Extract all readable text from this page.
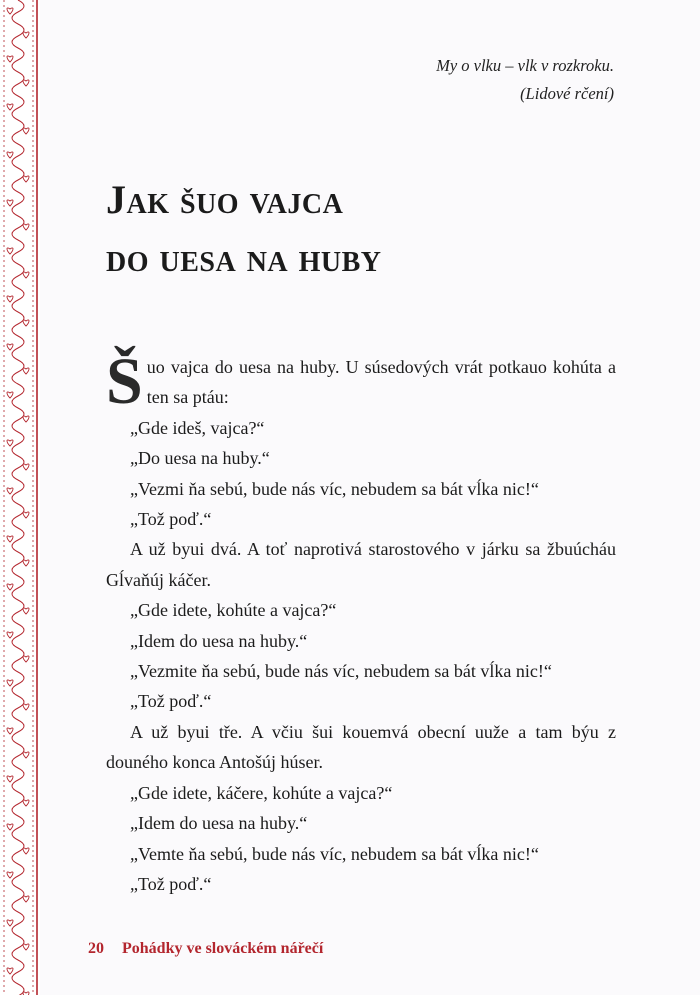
My o vlku – vlk v rozkroku.
(Lidové rčení)
Jak šuo vajca
do uesa na huby

Šuo vajca do uesa na huby. U súsedových vrát potkauo kohúta a ten sa ptáu:

„Gde ideš, vajca?“

„Do uesa na huby.“

„Vezmi ňa sebú, bude nás víc, nebudem sa bát vĺka nic!“

„Tož poď.“

A už byui dvá. A toť naprotivá starostového v járku sa žbuúcháu Gĺvaňúj káčer.

„Gde idete, kohúte a vajca?“

„Idem do uesa na huby.“

„Vezmite ňa sebú, bude nás víc, nebudem sa bát vĺka nic!“

„Tož poď.“

A už byui tře. A včiu šui kouemvá obecní uuže a tam býu z douného konca Antošúj húser.

„Gde idete, káčere, kohúte a vajca?“

„Idem do uesa na huby.“

„Vemte ňa sebú, bude nás víc, nebudem sa bát vĺka nic!“

„Tož poď.“

20 Pohádky ve slováckém nářečí
